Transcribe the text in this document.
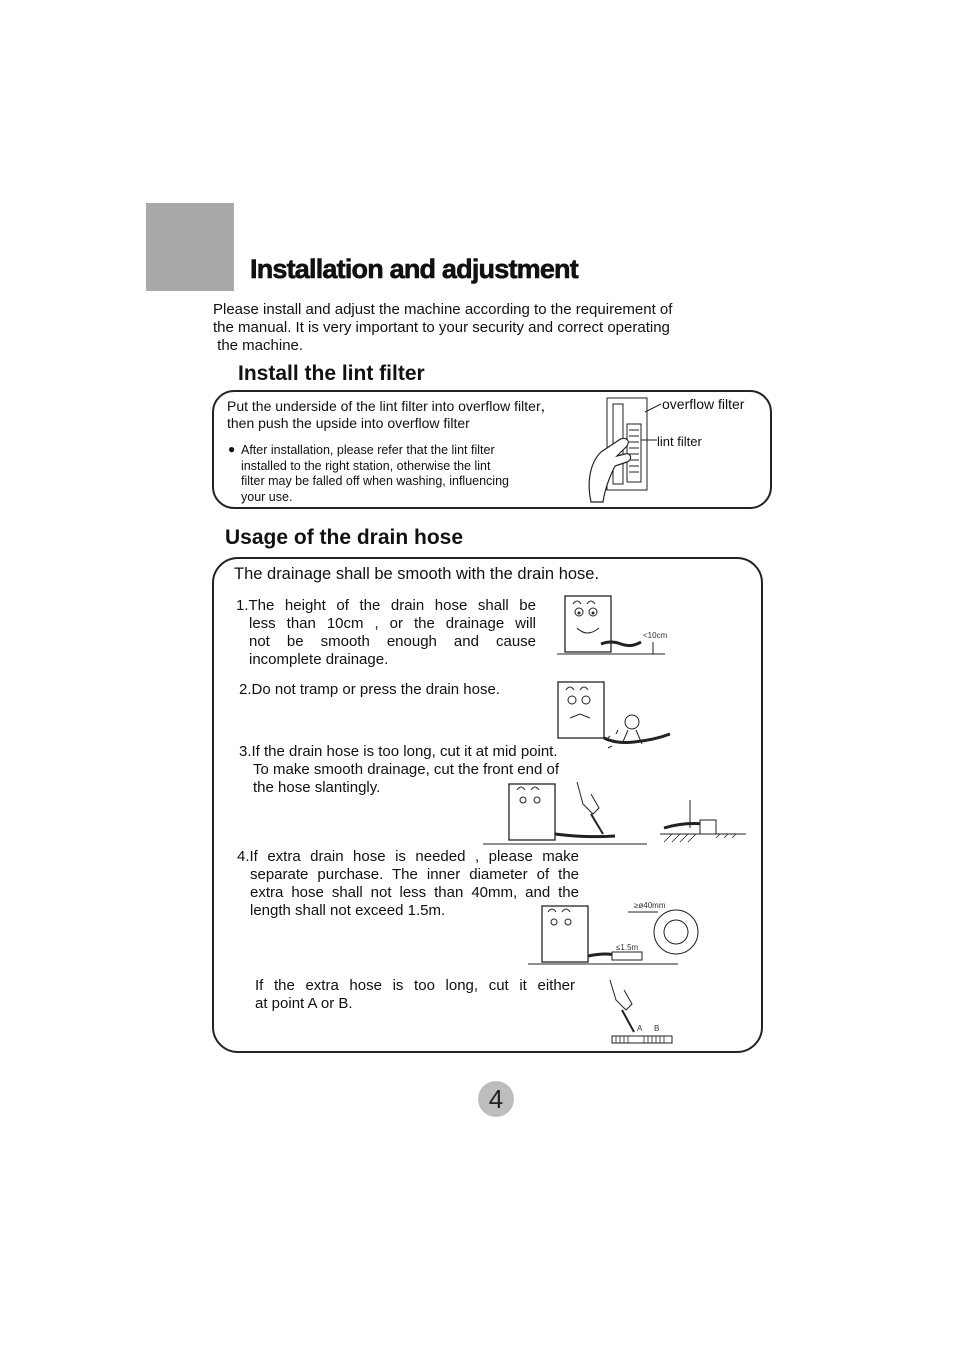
Installation and adjustment
Please install and adjust the machine according to the requirement of
the manual. It is very important to your security and correct operating
the machine.
Install the lint filter
Put the underside of the lint filter into overflow filter，
then push the upside into overflow filter
● After installation, please refer that the lint filter
installed to the right station, otherwise the lint
filter may be falled off when washing, influencing
your use.
overflow filter
lint filter
Usage of the drain hose
The drainage shall be smooth with the drain hose.
1.The height of the drain hose shall be
less than 10cm , or the drainage will
not be smooth enough and cause
incomplete drainage.
<10cm
2.Do not tramp or press the drain hose.
3.If the drain hose is too long, cut it at mid point.
To make smooth drainage, cut the front end of
the hose slantingly.
4.If extra drain hose is needed , please make
separate purchase. The inner diameter of the
extra hose shall not less than 40mm, and the
length shall not exceed 1.5m.	≥ø40mm
≤1.5m
If the extra hose is too long, cut it either
at point A or B.
A B
4
